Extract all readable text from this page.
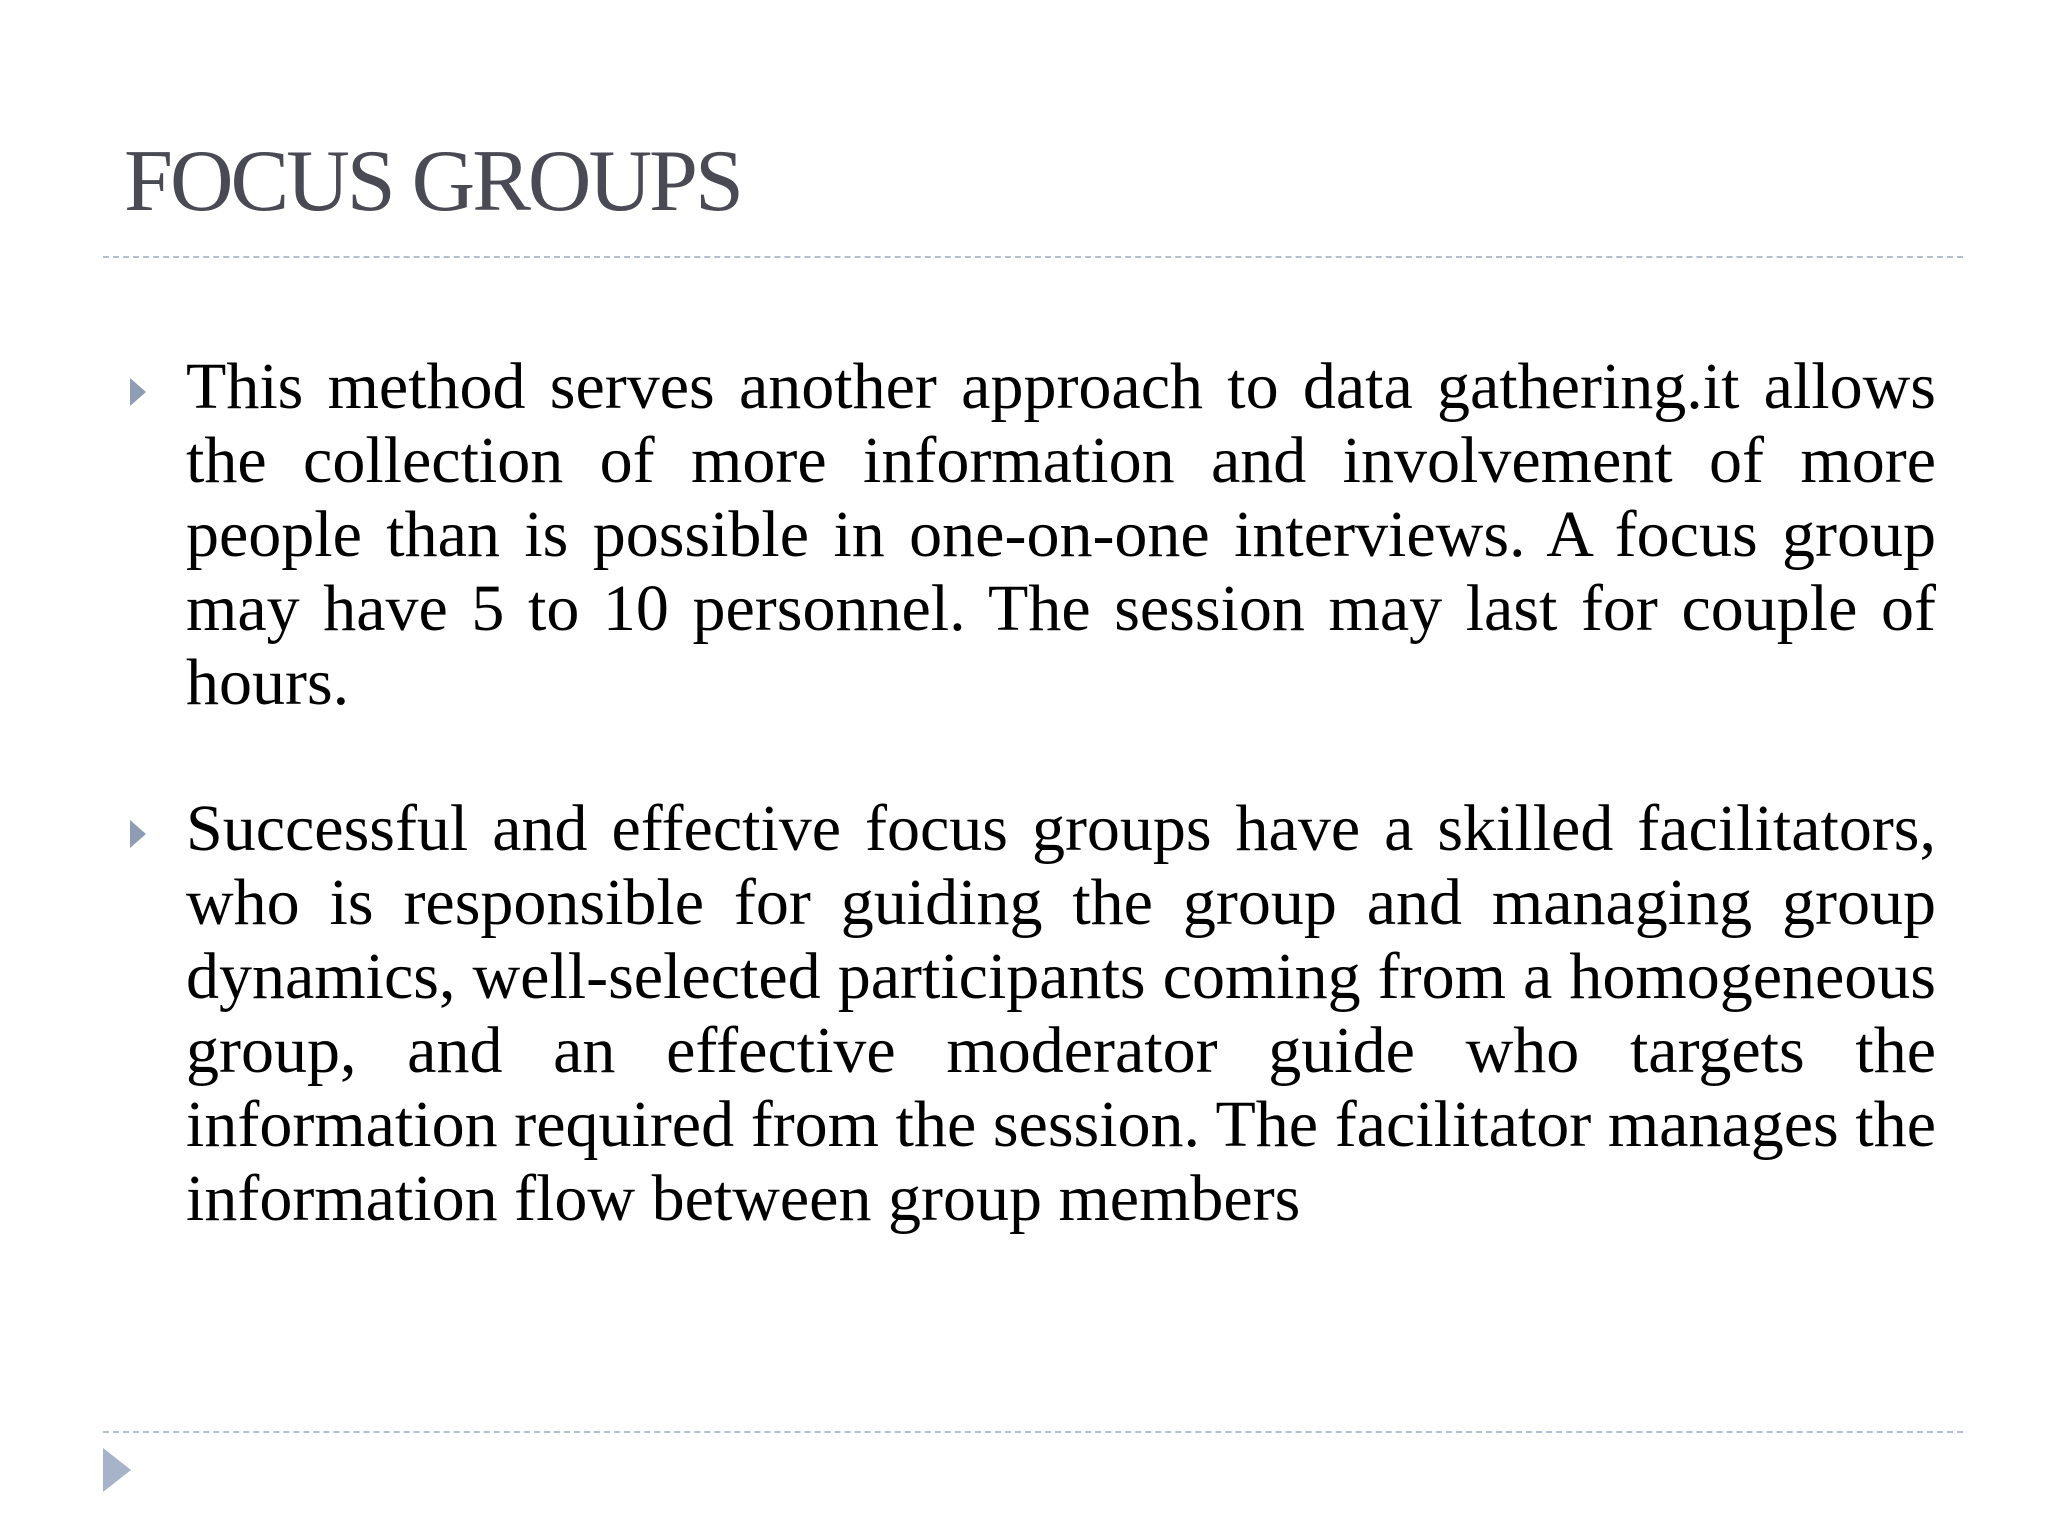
FOCUS GROUPS
This method serves another approach to data gathering.it allows the collection of more information and involvement of more people than is possible in one-on-one interviews. A focus group may have 5 to 10 personnel. The session may last for couple of hours.
Successful and effective focus groups have a skilled facilitators, who is responsible for guiding the group and managing group dynamics, well-selected participants coming from a homogeneous group, and an effective moderator guide who targets the information required from the session. The facilitator manages the information flow between group members
